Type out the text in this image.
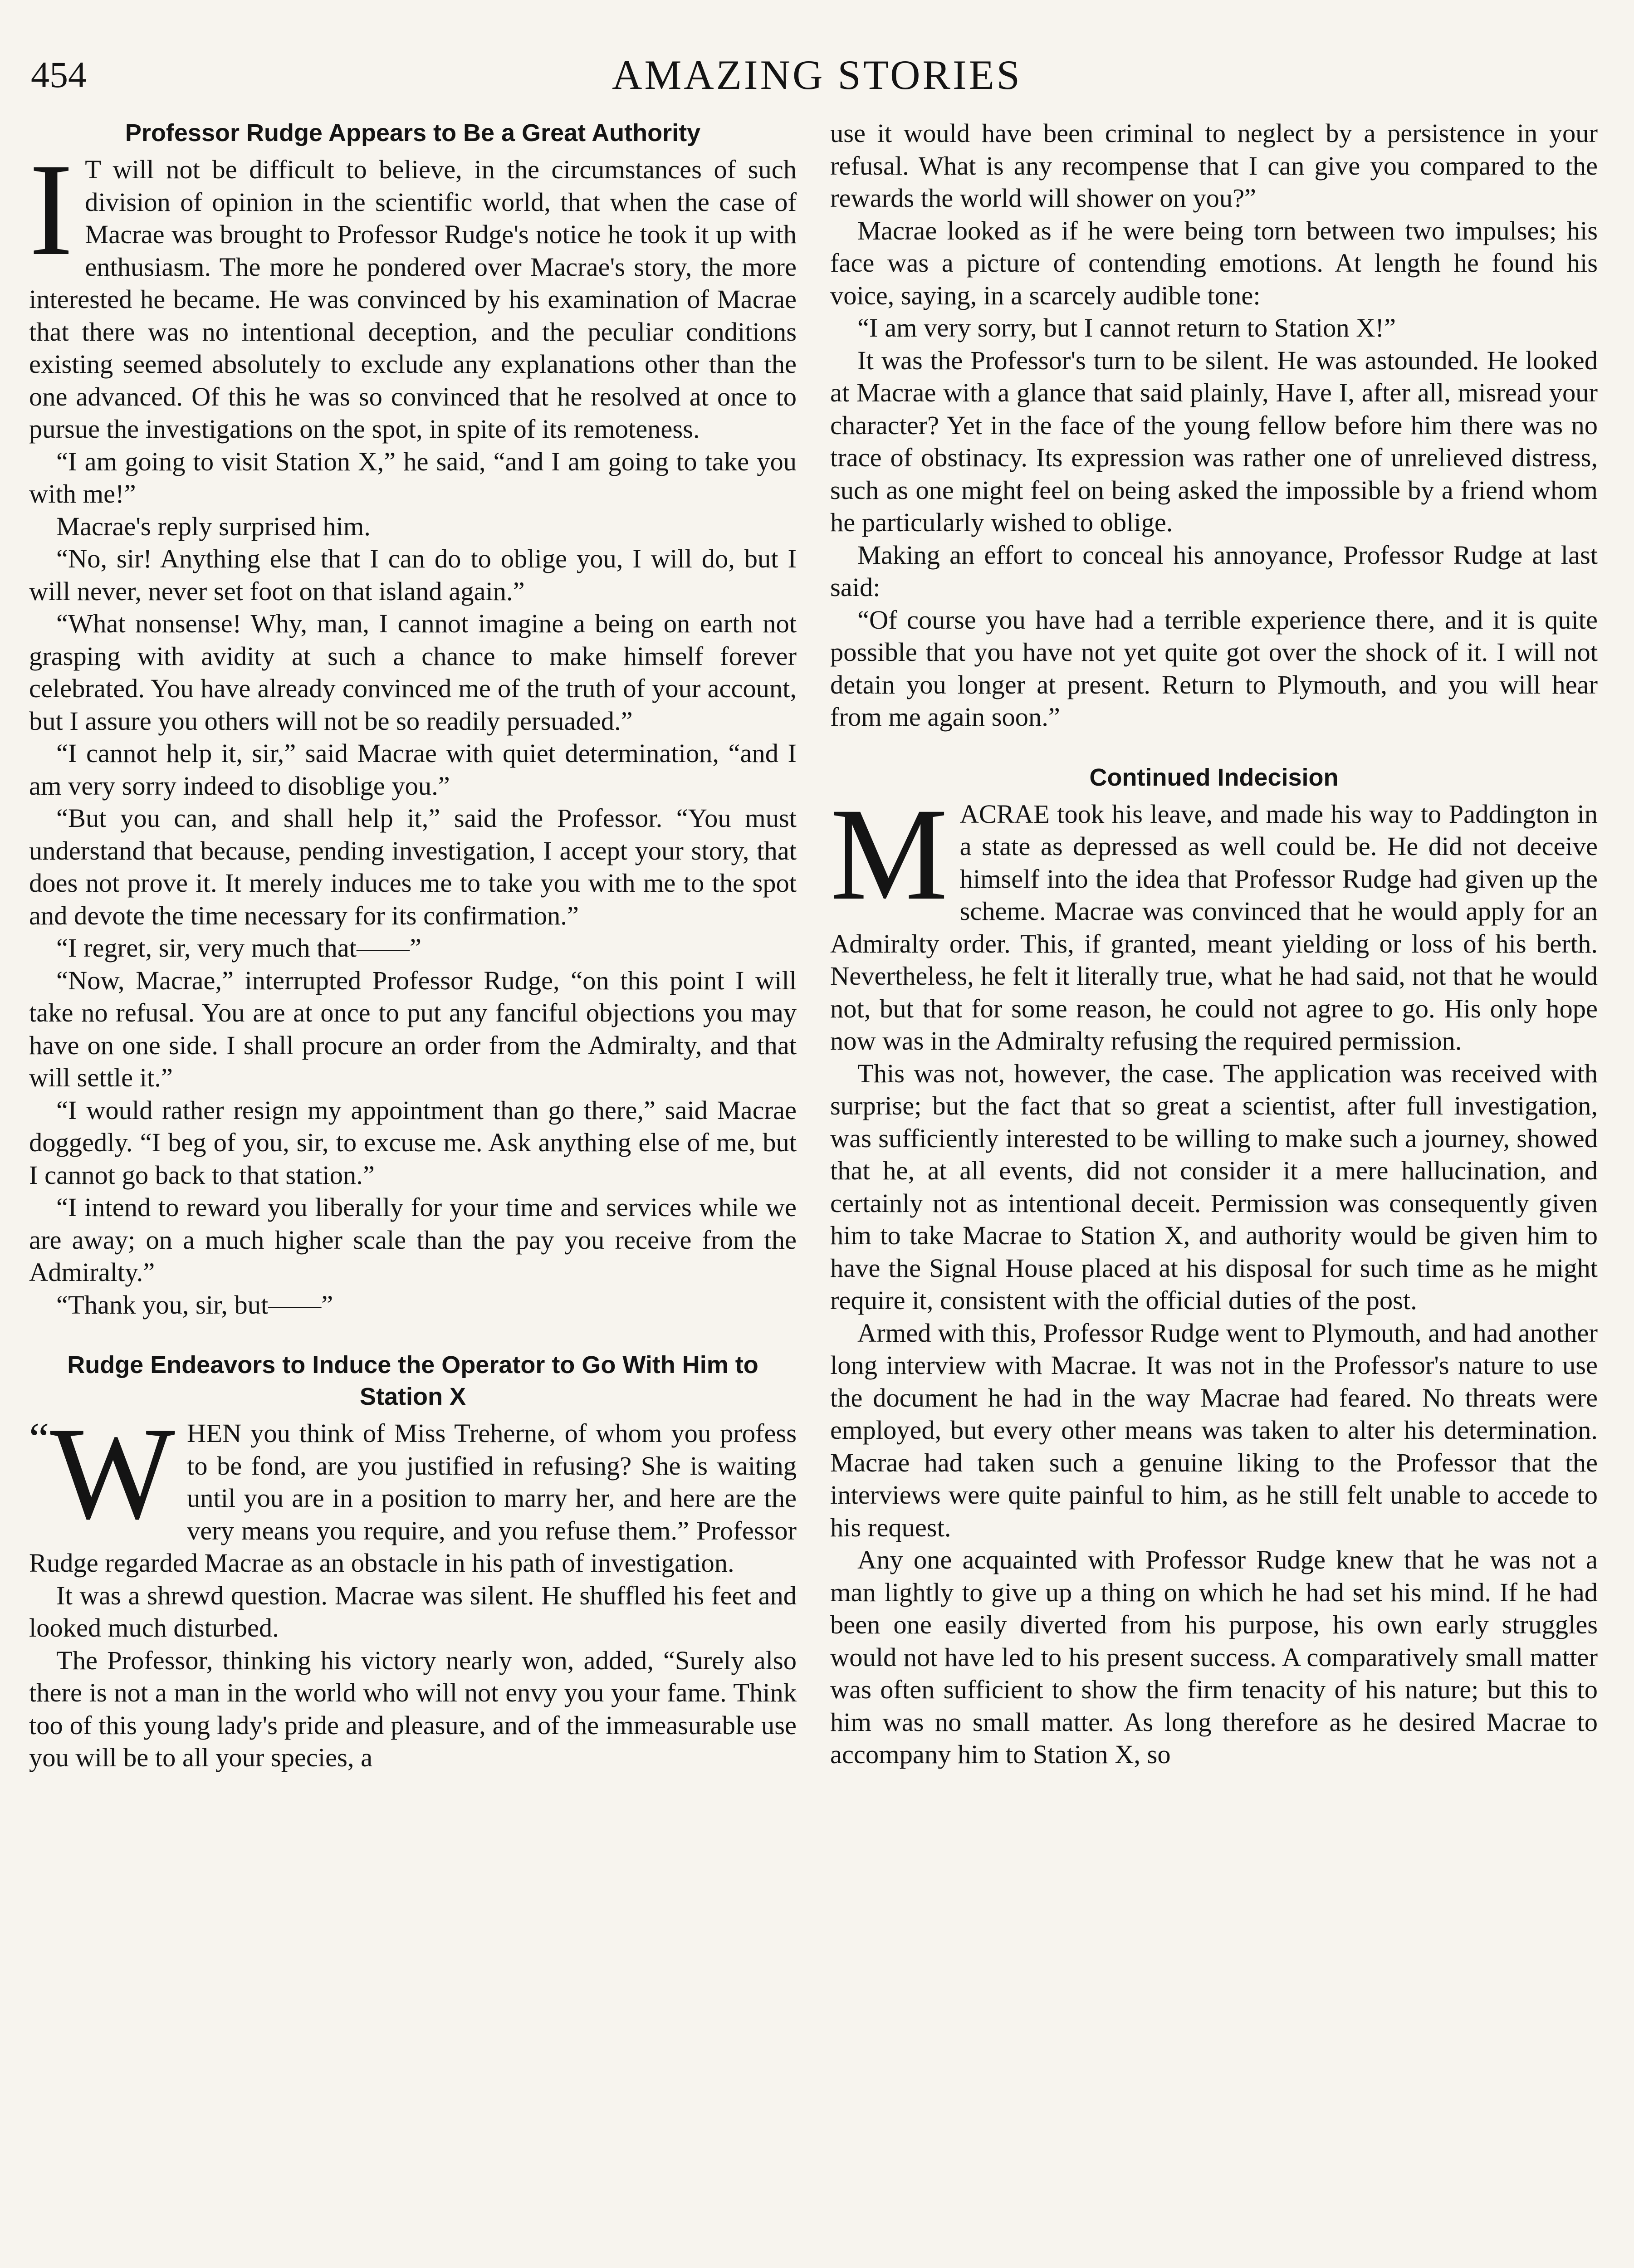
454	AMAZING STORIES
Professor Rudge Appears to Be a Great Authority

I T will not be difficult to believe, in the circumstances of such division of opinion in the scientific world, that when the case of Macrae was brought to Professor Rudge's notice he took it up with enthusiasm. The more he pondered over Macrae's story, the more interested he became. He was convinced by his examination of Macrae that there was no intentional deception, and the peculiar conditions existing seemed absolutely to exclude any explanations other than the one advanced. Of this he was so convinced that he resolved at once to pursue the investigations on the spot, in spite of its remoteness.

“I am going to visit Station X,” he said, “and I am going to take you with me!”

Macrae's reply surprised him.

“No, sir! Anything else that I can do to oblige you, I will do, but I will never, never set foot on that island again.”

“What nonsense! Why, man, I cannot imagine a being on earth not grasping with avidity at such a chance to make himself forever celebrated. You have already convinced me of the truth of your account, but I assure you others will not be so readily persuaded.”

“I cannot help it, sir,” said Macrae with quiet determination, “and I am very sorry indeed to disoblige you.”

“But you can, and shall help it,” said the Professor. “You must understand that because, pending investigation, I accept your story, that does not prove it. It merely induces me to take you with me to the spot and devote the time necessary for its confirmation.”

“I regret, sir, very much that——”

“Now, Macrae,” interrupted Professor Rudge, “on this point I will take no refusal. You are at once to put any fanciful objections you may have on one side. I shall procure an order from the Admiralty, and that will settle it.”

“I would rather resign my appointment than go there,” said Macrae doggedly. “I beg of you, sir, to excuse me. Ask anything else of me, but I cannot go back to that station.”

“I intend to reward you liberally for your time and services while we are away; on a much higher scale than the pay you receive from the Admiralty.”

“Thank you, sir, but——”

Rudge Endeavors to Induce the Operator to Go With Him to Station X

“ W HEN you think of Miss Treherne, of whom you profess to be fond, are you justified in refusing? She is waiting until you are in a position to marry her, and here are the very means you require, and you refuse them.” Professor Rudge regarded Macrae as an obstacle in his path of investigation.

It was a shrewd question. Macrae was silent. He shuffled his feet and looked much disturbed.

The Professor, thinking his victory nearly won, added, “Surely also there is not a man in the world who will not envy you your fame. Think too of this young lady's pride and pleasure, and of the immeasurable use you will be to all your species, a

use it would have been criminal to neglect by a persistence in your refusal. What is any recompense that I can give you compared to the rewards the world will shower on you?”

Macrae looked as if he were being torn between two impulses; his face was a picture of contending emotions. At length he found his voice, saying, in a scarcely audible tone:

“I am very sorry, but I cannot return to Station X!”

It was the Professor's turn to be silent. He was astounded. He looked at Macrae with a glance that said plainly, Have I, after all, misread your character? Yet in the face of the young fellow before him there was no trace of obstinacy. Its expression was rather one of unrelieved distress, such as one might feel on being asked the impossible by a friend whom he particularly wished to oblige.

Making an effort to conceal his annoyance, Professor Rudge at last said:

“Of course you have had a terrible experience there, and it is quite possible that you have not yet quite got over the shock of it. I will not detain you longer at present. Return to Plymouth, and you will hear from me again soon.”

Continued Indecision

MACRAE took his leave, and made his way to Paddington in a state as depressed as well could be. He did not deceive himself into the idea that Professor Rudge had given up the scheme. Macrae was convinced that he would apply for an Admiralty order. This, if granted, meant yielding or loss of his berth. Nevertheless, he felt it literally true, what he had said, not that he would not, but that for some reason, he could not agree to go. His only hope now was in the Admiralty refusing the required permission.

This was not, however, the case. The application was received with surprise; but the fact that so great a scientist, after full investigation, was sufficiently interested to be willing to make such a journey, showed that he, at all events, did not consider it a mere hallucination, and certainly not as intentional deceit. Permission was consequently given him to take Macrae to Station X, and authority would be given him to have the Signal House placed at his disposal for such time as he might require it, consistent with the official duties of the post.

Armed with this, Professor Rudge went to Plymouth, and had another long interview with Macrae. It was not in the Professor's nature to use the document he had in the way Macrae had feared. No threats were employed, but every other means was taken to alter his determination. Macrae had taken such a genuine liking to the Professor that the interviews were quite painful to him, as he still felt unable to accede to his request.

Any one acquainted with Professor Rudge knew that he was not a man lightly to give up a thing on which he had set his mind. If he had been one easily diverted from his purpose, his own early struggles would not have led to his present success. A comparatively small matter was often sufficient to show the firm tenacity of his nature; but this to him was no small matter. As long therefore as he desired Macrae to accompany him to Station X, so
